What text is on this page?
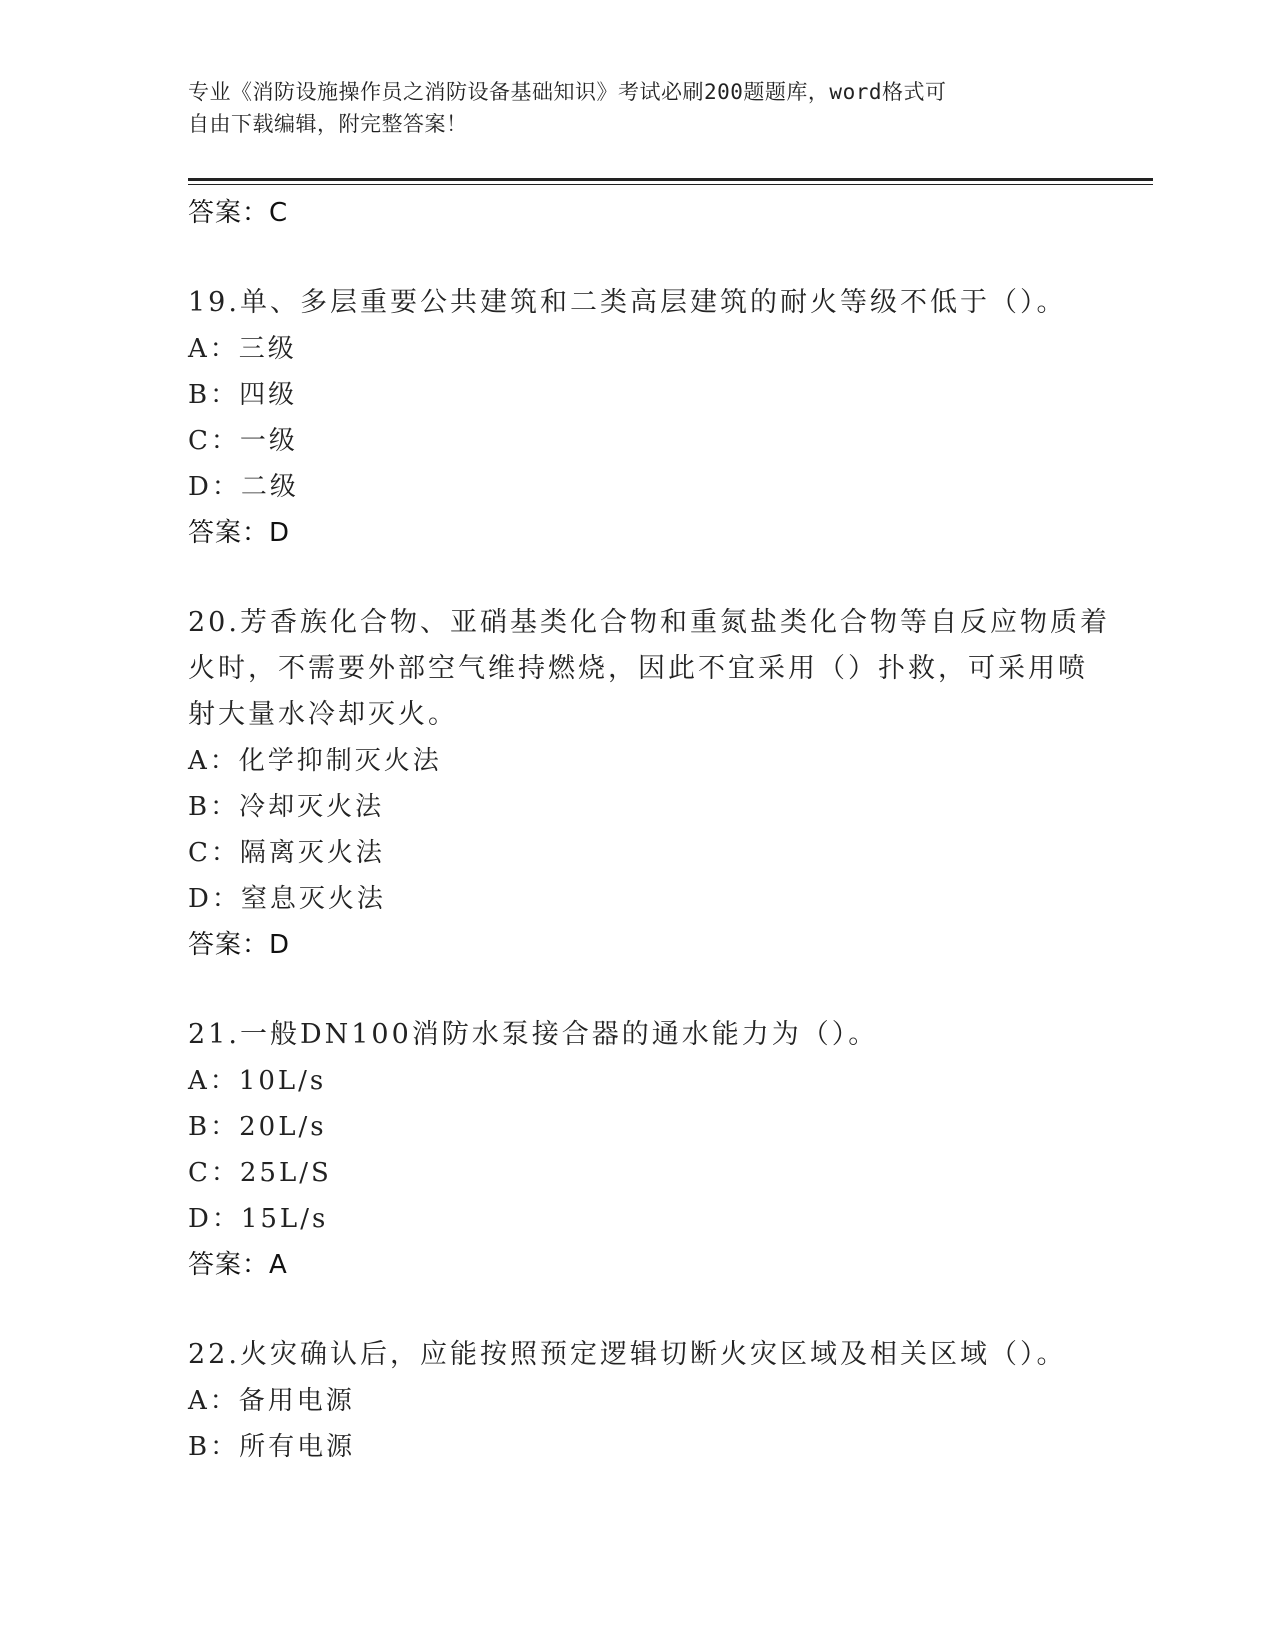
专业《消防设施操作员之消防设备基础知识》考试必刷200题题库，word格式可
自由下载编辑，附完整答案！
答案：C
19.单、多层重要公共建筑和二类高层建筑的耐火等级不低于（）。
A：三级
B：四级
C：一级
D：二级
答案：D
20.芳香族化合物、亚硝基类化合物和重氮盐类化合物等自反应物质着
火时，不需要外部空气维持燃烧，因此不宜采用（）扑救，可采用喷
射大量水冷却灭火。
A：化学抑制灭火法
B：冷却灭火法
C：隔离灭火法
D：窒息灭火法
答案：D
21.一般DN100消防水泵接合器的通水能力为（）。
A：10L/s
B：20L/s
C：25L/S
D：15L/s
答案：A
22.火灾确认后，应能按照预定逻辑切断火灾区域及相关区域（）。
A：备用电源
B：所有电源
